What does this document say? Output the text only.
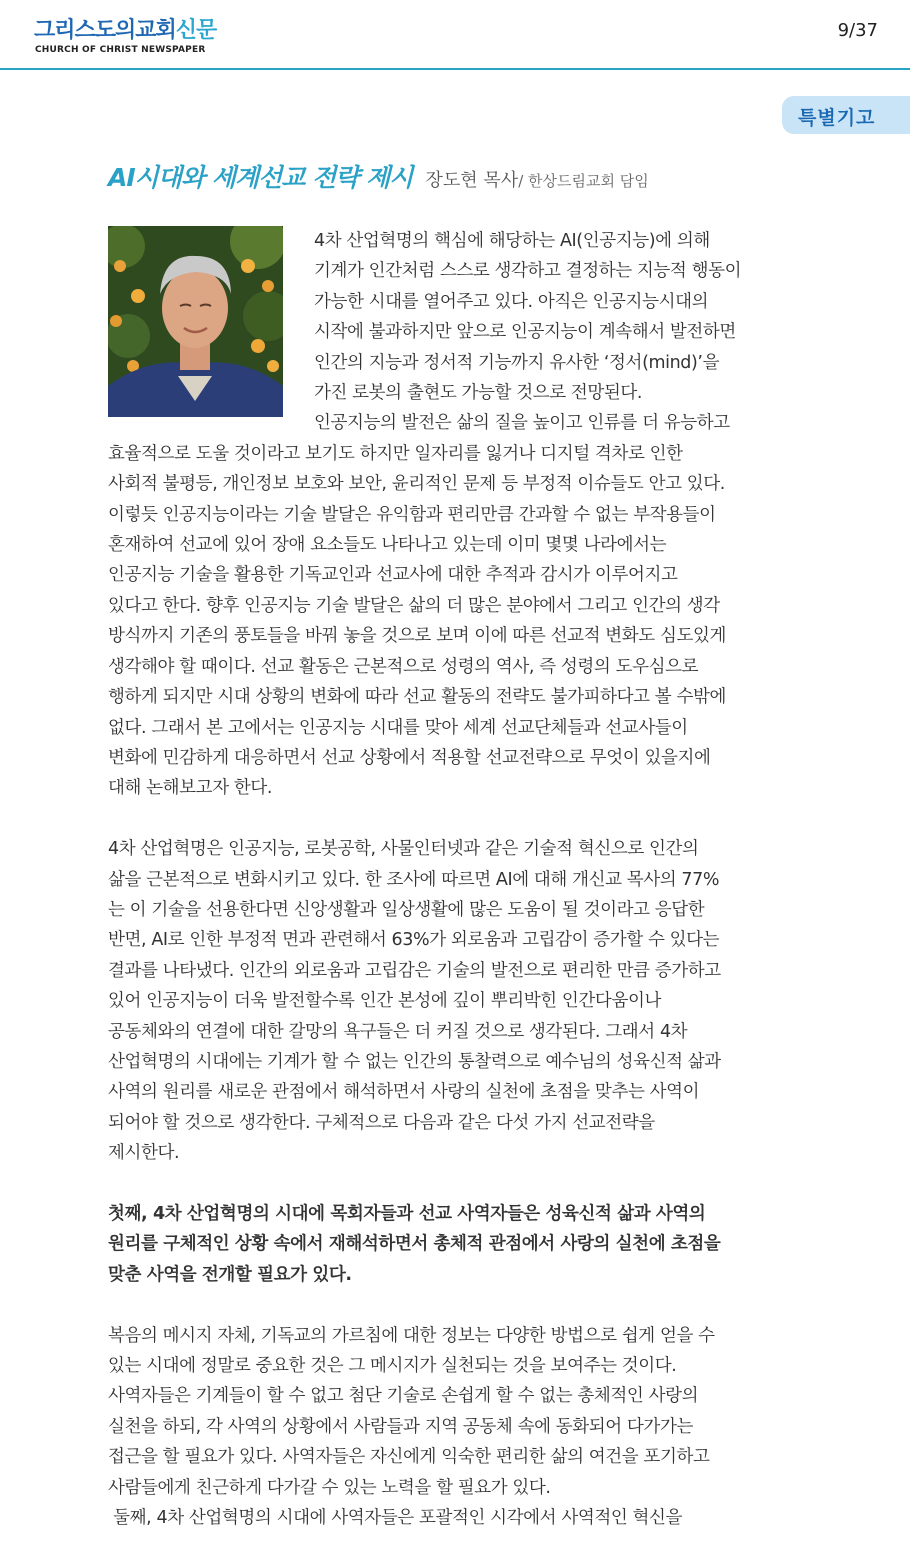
그리스도의교회신문
CHURCH OF CHRIST NEWSPAPER
9/37
특별기고
AI시대와 세계선교 전략 제시 장도현 목사/ 한상드림교회 담임
4차 산업혁명의 핵심에 해당하는 AI(인공지능)에 의해
기계가 인간처럼 스스로 생각하고 결정하는 지능적 행동이
가능한 시대를 열어주고 있다. 아직은 인공지능시대의
시작에 불과하지만 앞으로 인공지능이 계속해서 발전하면
인간의 지능과 정서적 기능까지 유사한 ‘정서(mind)’을
가진 로봇의 출현도 가능할 것으로 전망된다.
인공지능의 발전은 삶의 질을 높이고 인류를 더 유능하고
효율적으로 도울 것이라고 보기도 하지만 일자리를 잃거나 디지털 격차로 인한
사회적 불평등, 개인정보 보호와 보안, 윤리적인 문제 등 부정적 이슈들도 안고 있다.
이렇듯 인공지능이라는 기술 발달은 유익함과 편리만큼 간과할 수 없는 부작용들이
혼재하여 선교에 있어 장애 요소들도 나타나고 있는데 이미 몇몇 나라에서는
인공지능 기술을 활용한 기독교인과 선교사에 대한 추적과 감시가 이루어지고
있다고 한다. 향후 인공지능 기술 발달은 삶의 더 많은 분야에서 그리고 인간의 생각
방식까지 기존의 풍토들을 바꿔 놓을 것으로 보며 이에 따른 선교적 변화도 심도있게
생각해야 할 때이다. 선교 활동은 근본적으로 성령의 역사, 즉 성령의 도우심으로
행하게 되지만 시대 상황의 변화에 따라 선교 활동의 전략도 불가피하다고 볼 수밖에
없다. 그래서 본 고에서는 인공지능 시대를 맞아 세계 선교단체들과 선교사들이
변화에 민감하게 대응하면서 선교 상황에서 적용할 선교전략으로 무엇이 있을지에
대해 논해보고자 한다.
4차 산업혁명은 인공지능, 로봇공학, 사물인터넷과 같은 기술적 혁신으로 인간의
삶을 근본적으로 변화시키고 있다. 한 조사에 따르면 AI에 대해 개신교 목사의 77%
는 이 기술을 선용한다면 신앙생활과 일상생활에 많은 도움이 될 것이라고 응답한
반면, AI로 인한 부정적 면과 관련해서 63%가 외로움과 고립감이 증가할 수 있다는
결과를 나타냈다. 인간의 외로움과 고립감은 기술의 발전으로 편리한 만큼 증가하고
있어 인공지능이 더욱 발전할수록 인간 본성에 깊이 뿌리박힌 인간다움이나
공동체와의 연결에 대한 갈망의 욕구들은 더 커질 것으로 생각된다. 그래서 4차
산업혁명의 시대에는 기계가 할 수 없는 인간의 통찰력으로 예수님의 성육신적 삶과
사역의 원리를 새로운 관점에서 해석하면서 사랑의 실천에 초점을 맞추는 사역이
되어야 할 것으로 생각한다. 구체적으로 다음과 같은 다섯 가지 선교전략을
제시한다.
첫째, 4차 산업혁명의 시대에 목회자들과 선교 사역자들은 성육신적 삶과 사역의
원리를 구체적인 상황 속에서 재해석하면서 총체적 관점에서 사랑의 실천에 초점을
맞춘 사역을 전개할 필요가 있다.
복음의 메시지 자체, 기독교의 가르침에 대한 정보는 다양한 방법으로 쉽게 얻을 수
있는 시대에 정말로 중요한 것은 그 메시지가 실천되는 것을 보여주는 것이다.
사역자들은 기계들이 할 수 없고 첨단 기술로 손쉽게 할 수 없는 총체적인 사랑의
실천을 하되, 각 사역의 상황에서 사람들과 지역 공동체 속에 동화되어 다가가는
접근을 할 필요가 있다. 사역자들은 자신에게 익숙한 편리한 삶의 여건을 포기하고
사람들에게 친근하게 다가갈 수 있는 노력을 할 필요가 있다.
둘째, 4차 산업혁명의 시대에 사역자들은 포괄적인 시각에서 사역적인 혁신을
